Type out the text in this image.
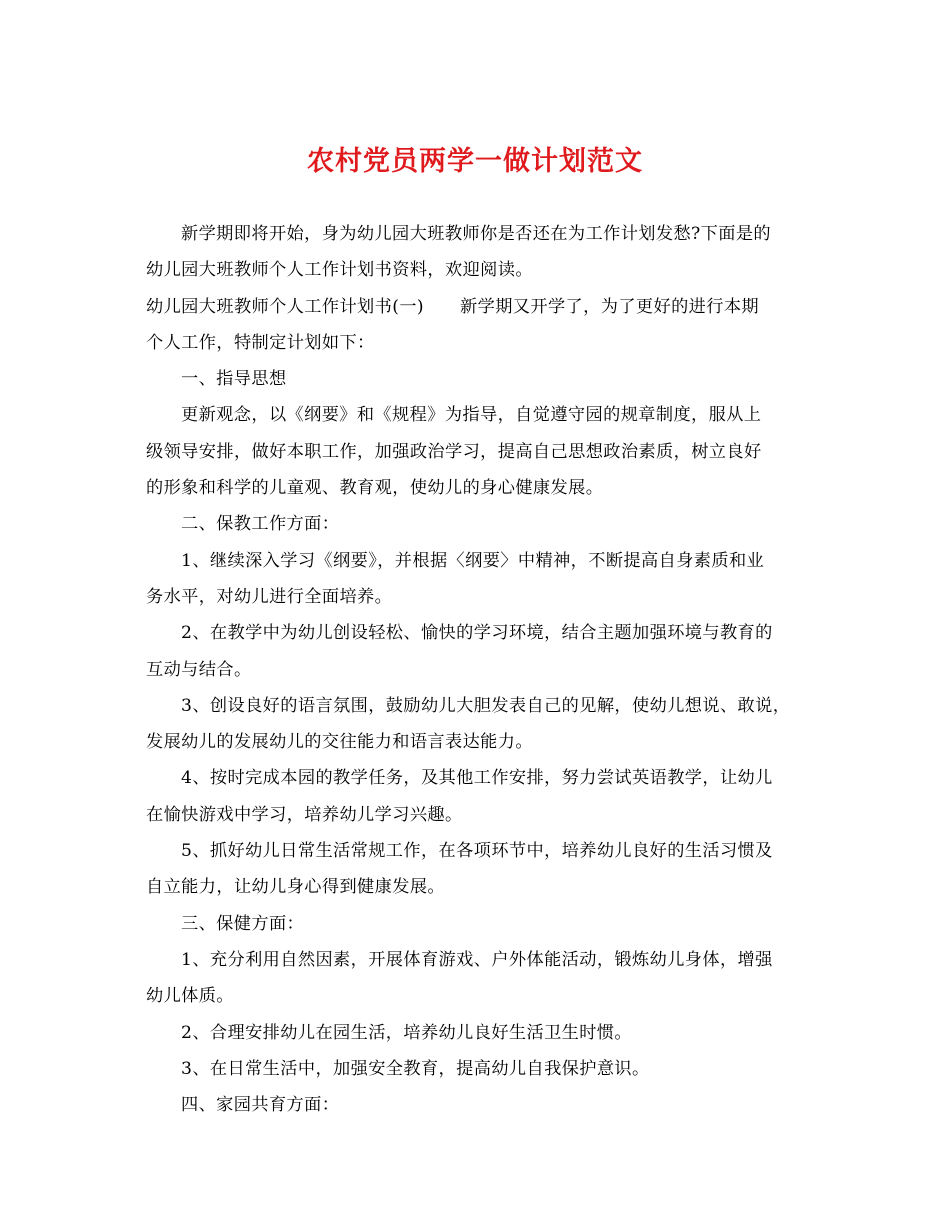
农村党员两学一做计划范文
新学期即将开始，身为幼儿园大班教师你是否还在为工作计划发愁?下面是的
幼儿园大班教师个人工作计划书资料，欢迎阅读。
幼儿园大班教师个人工作计划书(一) 新学期又开学了，为了更好的进行本期
个人工作，特制定计划如下：
一、指导思想
更新观念，以《纲要》和《规程》为指导，自觉遵守园的规章制度，服从上
级领导安排，做好本职工作，加强政治学习，提高自己思想政治素质，树立良好
的形象和科学的儿童观、教育观，使幼儿的身心健康发展。
二、保教工作方面：
1、继续深入学习《纲要》，并根据〈纲要〉中精神，不断提高自身素质和业
务水平，对幼儿进行全面培养。
2、在教学中为幼儿创设轻松、愉快的学习环境，结合主题加强环境与教育的
互动与结合。
3、创设良好的语言氛围，鼓励幼儿大胆发表自己的见解，使幼儿想说、敢说，
发展幼儿的发展幼儿的交往能力和语言表达能力。
4、按时完成本园的教学任务，及其他工作安排，努力尝试英语教学，让幼儿
在愉快游戏中学习，培养幼儿学习兴趣。
5、抓好幼儿日常生活常规工作，在各项环节中，培养幼儿良好的生活习惯及
自立能力，让幼儿身心得到健康发展。
三、保健方面：
1、充分利用自然因素，开展体育游戏、户外体能活动，锻炼幼儿身体，增强
幼儿体质。
2、合理安排幼儿在园生活，培养幼儿良好生活卫生时惯。
3、在日常生活中，加强安全教育，提高幼儿自我保护意识。
四、家园共育方面：
